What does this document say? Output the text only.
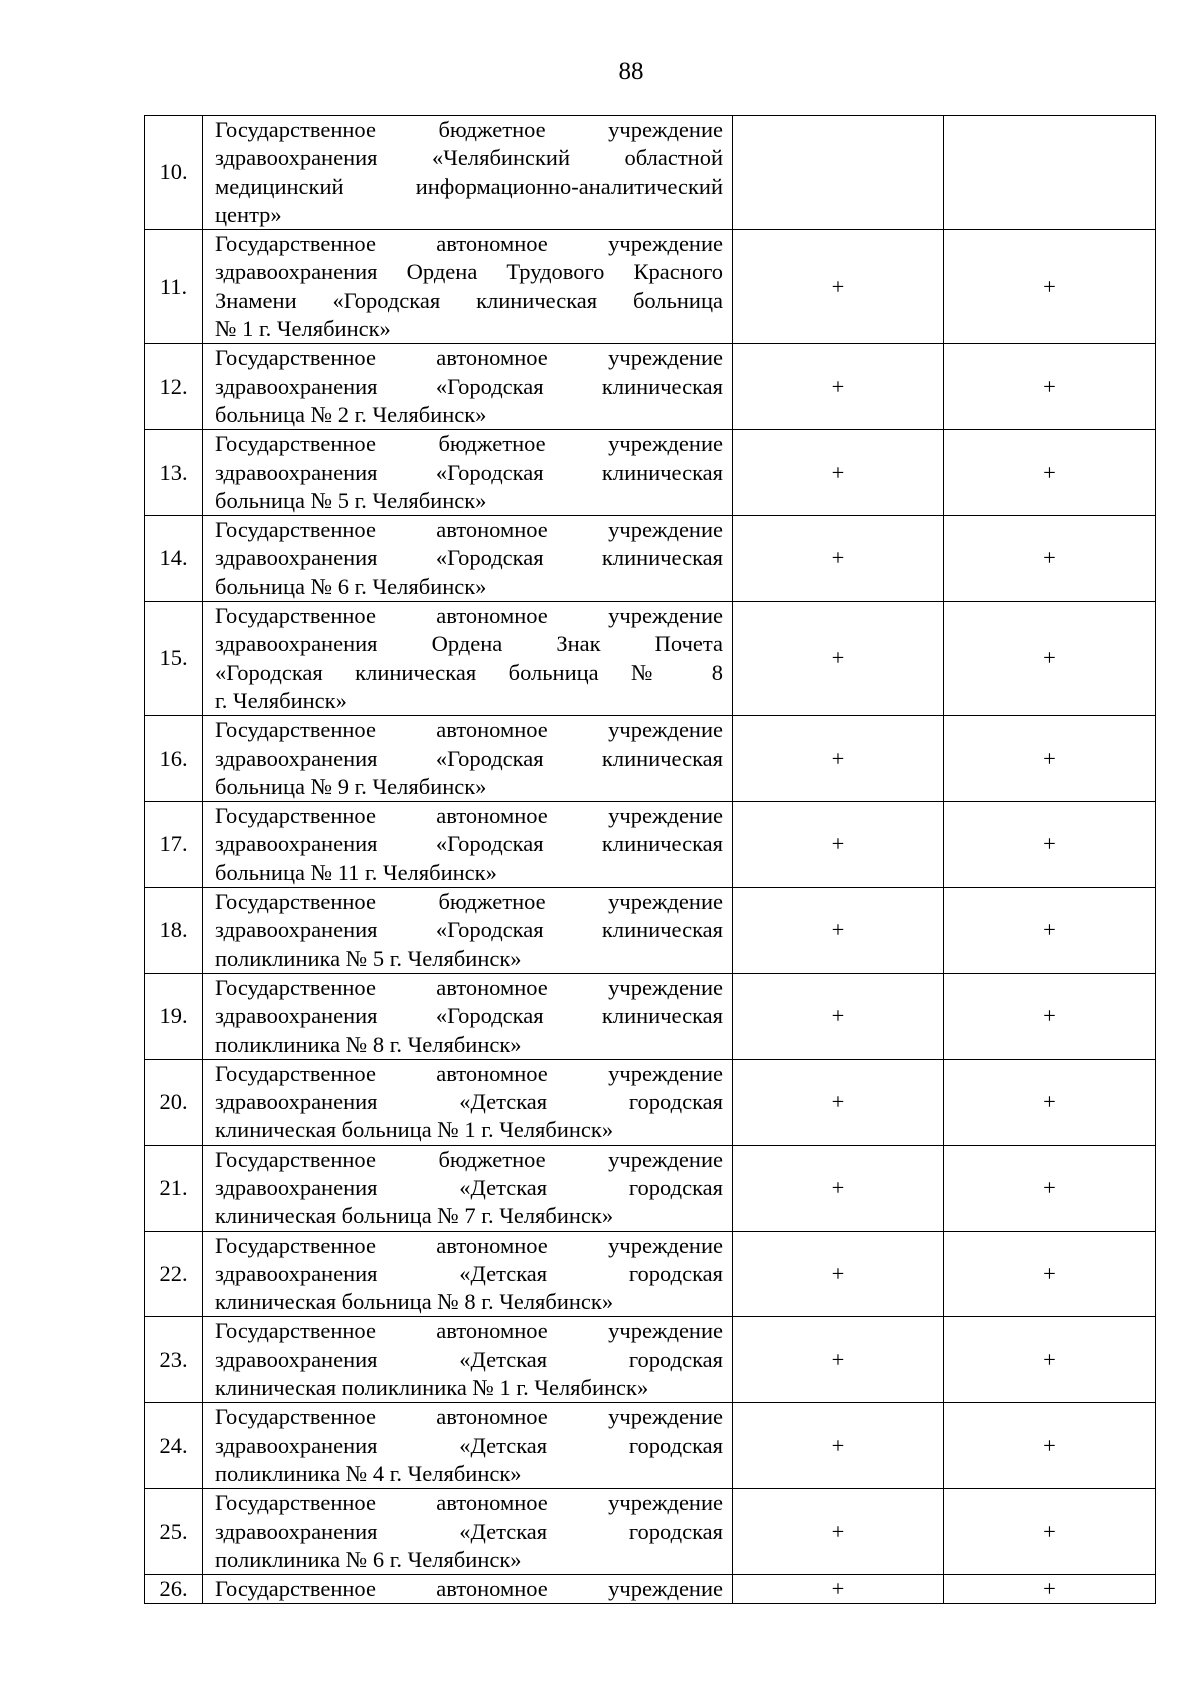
88
10.	Государственное бюджетное учреждение
здравоохранения «Челябинский областной
медицинский информационно-аналитический
центр»		

11.	Государственное автономное учреждение
здравоохранения Ордена Трудового Красного
Знамени «Городская клиническая больница
№ 1 г. Челябинск»	+	+
12.	Государственное автономное учреждение
здравоохранения «Городская клиническая
больница № 2 г. Челябинск»	+	+
13.	Государственное бюджетное учреждение
здравоохранения «Городская клиническая
больница № 5 г. Челябинск»	+	+
14.	Государственное автономное учреждение
здравоохранения «Городская клиническая
больница № 6 г. Челябинск»	+	+
15.	Государственное автономное учреждение
здравоохранения Ордена Знак Почета
«Городская клиническая больница № 8
г. Челябинск»	+	+
16.	Государственное автономное учреждение
здравоохранения «Городская клиническая
больница № 9 г. Челябинск»	+	+
17.	Государственное автономное учреждение
здравоохранения «Городская клиническая
больница № 11 г. Челябинск»	+	+
18.	Государственное бюджетное учреждение
здравоохранения «Городская клиническая
поликлиника № 5 г. Челябинск»	+	+
19.	Государственное автономное учреждение
здравоохранения «Городская клиническая
поликлиника № 8 г. Челябинск»	+	+
20.	Государственное автономное учреждение
здравоохранения «Детская городская
клиническая больница № 1 г. Челябинск»	+	+
21.	Государственное бюджетное учреждение
здравоохранения «Детская городская
клиническая больница № 7 г. Челябинск»	+	+
22.	Государственное автономное учреждение
здравоохранения «Детская городская
клиническая больница № 8 г. Челябинск»	+	+
23.	Государственное автономное учреждение
здравоохранения «Детская городская
клиническая поликлиника № 1 г. Челябинск»	+	+
24.	Государственное автономное учреждение
здравоохранения «Детская городская
поликлиника № 4 г. Челябинск»	+	+
25.	Государственное автономное учреждение
здравоохранения «Детская городская
поликлиника № 6 г. Челябинск»	+	+
26.	Государственное автономное учреждение	+	+
